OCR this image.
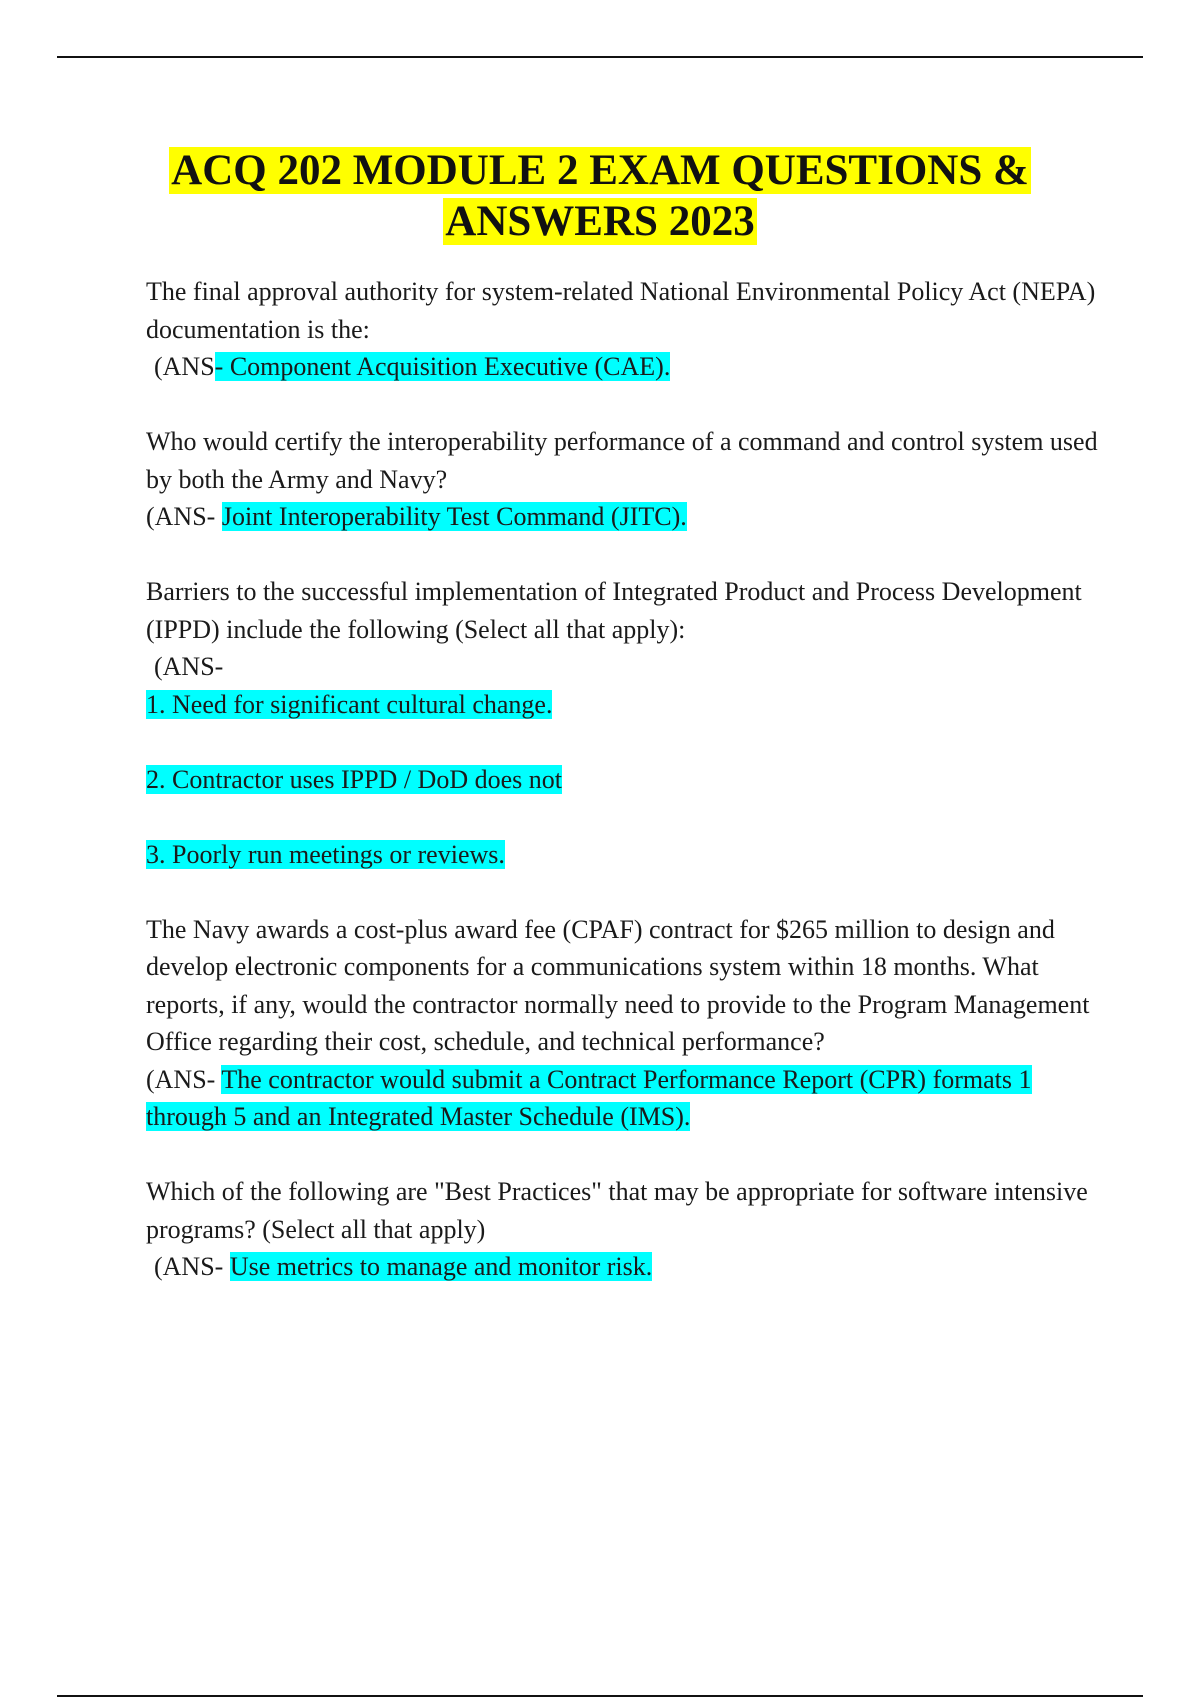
ACQ 202 MODULE 2 EXAM QUESTIONS &
ANSWERS 2023

The final approval authority for system-related National Environmental Policy Act (NEPA) documentation is the:

(ANS- Component Acquisition Executive (CAE).

Who would certify the interoperability performance of a command and control system used by both the Army and Navy?

(ANS- Joint Interoperability Test Command (JITC).

Barriers to the successful implementation of Integrated Product and Process Development (IPPD) include the following (Select all that apply):

(ANS-

1. Need for significant cultural change.

2. Contractor uses IPPD / DoD does not

3. Poorly run meetings or reviews.

The Navy awards a cost-plus award fee (CPAF) contract for $265 million to design and develop electronic components for a communications system within 18 months. What reports, if any, would the contractor normally need to provide to the Program Management Office regarding their cost, schedule, and technical performance?

(ANS- The contractor would submit a Contract Performance Report (CPR) formats 1 through 5 and an Integrated Master Schedule (IMS).

Which of the following are "Best Practices" that may be appropriate for software intensive programs? (Select all that apply)

(ANS- Use metrics to manage and monitor risk.
